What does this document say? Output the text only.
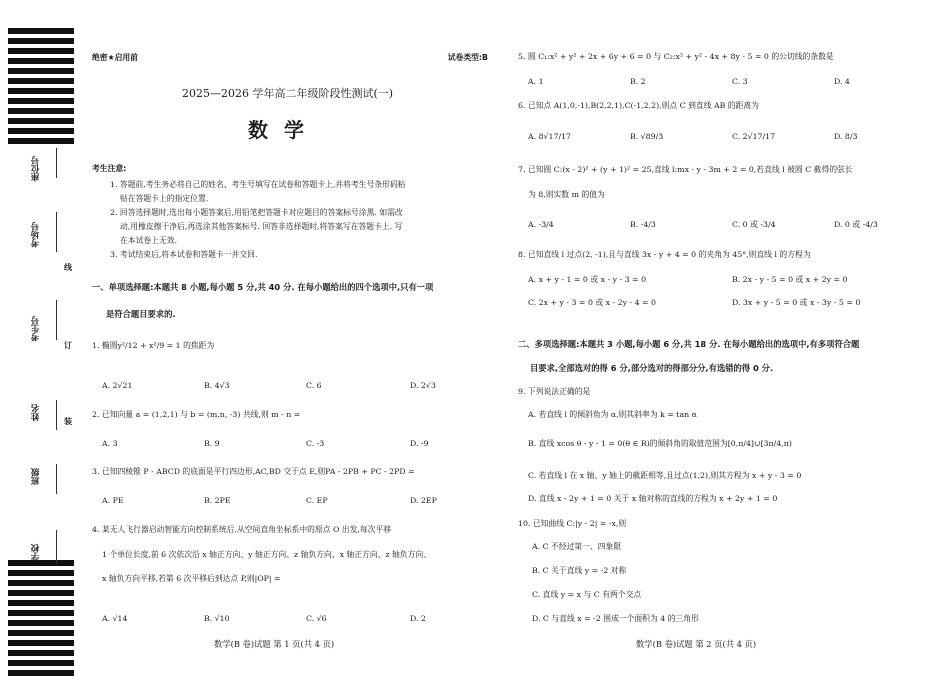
座位号
考场号
考生号
姓名
班级
学校
线
订
装
绝密★启用前	试卷类型:B
2025—2026 学年高二年级阶段性测试(一)
数学
考生注意:
1. 答题前,考生务必将自己的姓名、考生号填写在试卷和答题卡上,并将考生号条形码粘
贴在答题卡上的指定位置.
2. 回答选择题时,选出每小题答案后,用铅笔把答题卡对应题目的答案标号涂黑. 如需改
动,用橡皮擦干净后,再选涂其他答案标号. 回答非选择题时,将答案写在答题卡上. 写
在本试卷上无效.
3. 考试结束后,将本试卷和答题卡一并交回.
一、单项选择题:本题共 8 小题,每小题 5 分,共 40 分. 在每小题给出的四个选项中,只有一项
是符合题目要求的.
1. 椭圆y²/12 + x²/9 = 1 的焦距为
A. 2√21	B. 4√3	C. 6	D. 2√3
2. 已知向量 a = (1,2,1) 与 b = (m,n, -3) 共线,则 m - n =
A. 3	B. 9	C. -3	D. -9
3. 已知四棱锥 P - ABCD 的底面是平行四边形,AC,BD 交于点 E,则PA - 2PB + PC - 2PD =
A. PE	B. 2PE	C. EP	D. 2EP
4. 某无人飞行器启动智能方向控制系统后,从空间直角坐标系中的原点 O 出发,每次平移
1 个单位长度,前 6 次依次沿 x 轴正方向、y 轴正方向、z 轴负方向、x 轴正方向、z 轴负方向、
x 轴负方向平移,若第 6 次平移后到达点 P,则|OP| =
A. √14	B. √10	C. √6	D. 2
数学(B 卷)试题 第 1 页(共 4 页)
5. 圆 C₁:x² + y² + 2x + 6y + 6 = 0 与 C₂:x² + y² - 4x + 8y - 5 = 0 的公切线的条数是
A. 1	B. 2	C. 3	D. 4
6. 已知点 A(1,0,-1),B(2,2,1),C(-1,2,2),则点 C 到直线 AB 的距离为
A. 8√17/17	B. √89/3	C. 2√17/17	D. 8/3
7. 已知圆 C:(x - 2)² + (y + 1)² = 25,直线 l:mx - y - 3m + 2 = 0,若直线 l 被圆 C 截得的弦长
为 8,则实数 m 的值为
A. -3/4	B. -4/3	C. 0 或 -3/4	D. 0 或 -4/3
8. 已知直线 l 过点(2, -1),且与直线 3x - y + 4 = 0 的夹角为 45°,则直线 l 的方程为
A. x + y - 1 = 0 或 x - y - 3 = 0	B. 2x - y - 5 = 0 或 x + 2y = 0
C. 2x + y - 3 = 0 或 x - 2y - 4 = 0	D. 3x + y - 5 = 0 或 x - 3y - 5 = 0
二、多项选择题:本题共 3 小题,每小题 6 分,共 18 分. 在每小题给出的选项中,有多项符合题
目要求,全部选对的得 6 分,部分选对的得部分分,有选错的得 0 分.
9. 下列说法正确的是
A. 若直线 l 的倾斜角为 α,则其斜率为 k = tan α
B. 直线 xcos θ - y - 1 = 0(θ ∈ R)的倾斜角的取值范围为[0,π/4]∪[3π/4,π)
C. 若直线 l 在 x 轴、y 轴上的截距相等,且过点(1,2),则其方程为 x + y - 3 = 0
D. 直线 x - 2y + 1 = 0 关于 x 轴对称的直线的方程为 x + 2y + 1 = 0
10. 已知曲线 C:|y - 2| = -x,则
A. C 不经过第一、四象限
B. C 关于直线 y = -2 对称
C. 直线 y = x 与 C 有两个交点
D. C 与直线 x = -2 围成一个面积为 4 的三角形
数学(B 卷)试题 第 2 页(共 4 页)
